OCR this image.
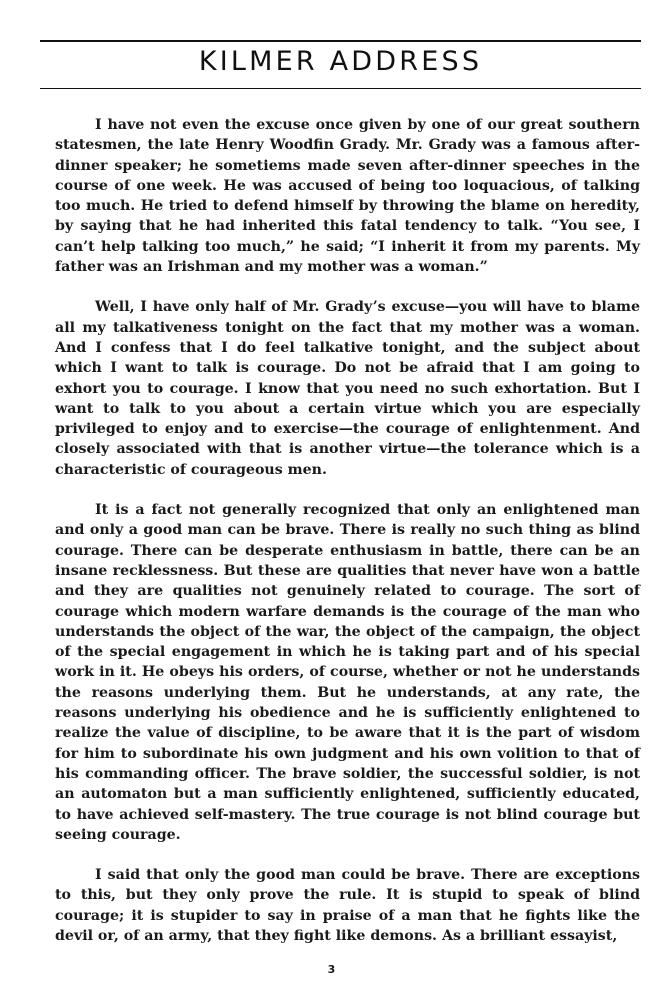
KILMER ADDRESS

I have not even the excuse once given by one of our great southern statesmen, the late Henry Woodfin Grady. Mr. Grady was a famous after-dinner speaker; he sometiems made seven after-dinner speeches in the course of one week. He was accused of being too loquacious, of talking too much. He tried to defend himself by throwing the blame on heredity, by saying that he had inherited this fatal tendency to talk. “You see, I can’t help talking too much,” he said; “I inherit it from my parents. My father was an Irishman and my mother was a woman.”

Well, I have only half of Mr. Grady’s excuse—you will have to blame all my talkativeness tonight on the fact that my mother was a woman. And I confess that I do feel talkative tonight, and the subject about which I want to talk is courage. Do not be afraid that I am going to exhort you to courage. I know that you need no such exhortation. But I want to talk to you about a certain virtue which you are especially privileged to enjoy and to exercise—the courage of enlightenment. And closely associated with that is another virtue—the tolerance which is a characteristic of courageous men.

It is a fact not generally recognized that only an enlightened man and only a good man can be brave. There is really no such thing as blind courage. There can be desperate enthusiasm in battle, there can be an insane recklessness. But these are qualities that never have won a battle and they are qualities not genuinely related to courage. The sort of courage which modern warfare demands is the courage of the man who understands the object of the war, the object of the campaign, the object of the special engagement in which he is taking part and of his special work in it. He obeys his orders, of course, whether or not he understands the reasons underlying them. But he understands, at any rate, the reasons underlying his obedience and he is sufficiently enlightened to realize the value of discipline, to be aware that it is the part of wisdom for him to subordinate his own judgment and his own volition to that of his commanding officer. The brave soldier, the successful soldier, is not an automaton but a man sufficiently enlightened, sufficiently educated, to have achieved self-mastery. The true courage is not blind courage but seeing courage.

I said that only the good man could be brave. There are exceptions to this, but they only prove the rule. It is stupid to speak of blind courage; it is stupider to say in praise of a man that he fights like the devil or, of an army, that they fight like demons. As a brilliant essayist,

3
